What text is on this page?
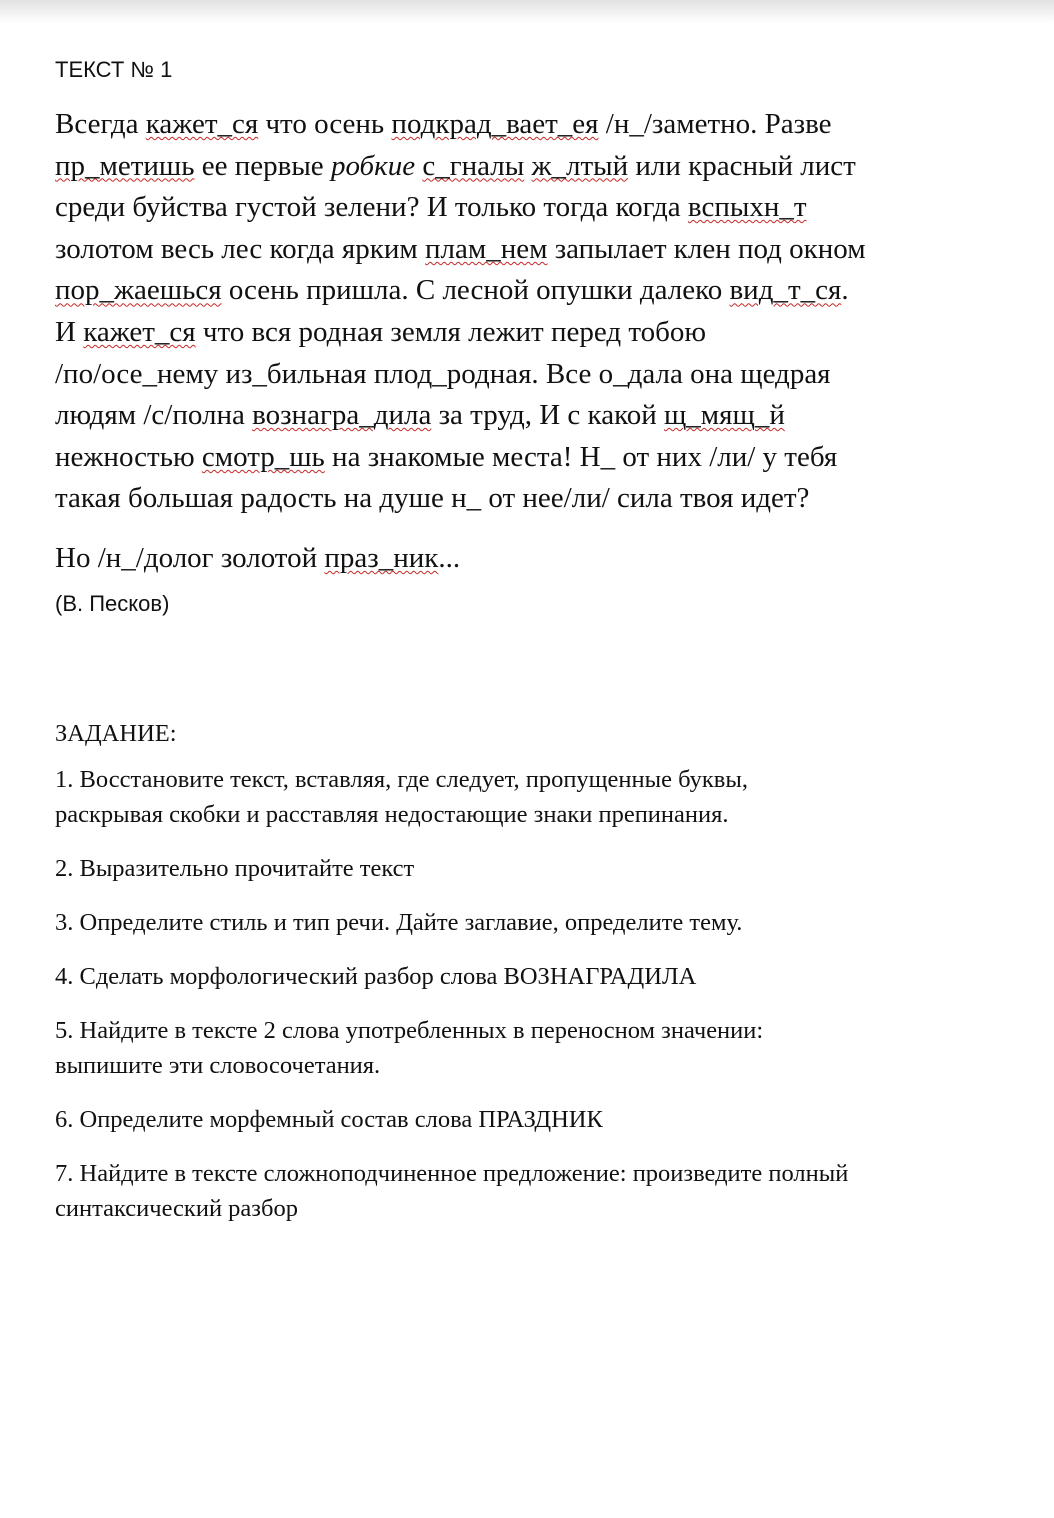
ТЕКСТ № 1
Всегда кажет_ся что осень подкрад_вает_ея /н_/заметно. Разве
пр_метишь ее первые робкие с_гналы ж_лтый или красный лист
среди буйства густой зелени? И только тогда когда вспыхн_т
золотом весь лес когда ярким плам_нем запылает клен под окном
пор_жаешься осень пришла. С лесной опушки далеко вид_т_ся.
И кажет_ся что вся родная земля лежит перед тобою
/по/осе_нему из_бильная плод_родная. Все о_дала она щедрая
людям /с/полна вознагра_дила за труд, И с какой щ_мящ_й
нежностью смотр_шь на знакомые места! Н_ от них /ли/ у тебя
такая большая радость на душе н_ от нее/ли/ сила твоя идет?

Но /н_/долог золотой праз_ник...

(В. Песков)

ЗАДАНИЕ:

1. Восстановите текст, вставляя, где следует, пропущенные буквы,
раскрывая скобки и расставляя недостающие знаки препинания.
2. Выразительно прочитайте текст
3. Определите стиль и тип речи. Дайте заглавие, определите тему.
4. Сделать морфологический разбор слова ВОЗНАГРАДИЛА
5. Найдите в тексте 2 слова употребленных в переносном значении:
выпишите эти словосочетания.
6. Определите морфемный состав слова ПРАЗДНИК
7. Найдите в тексте сложноподчиненное предложение: произведите полный
синтаксический разбор
